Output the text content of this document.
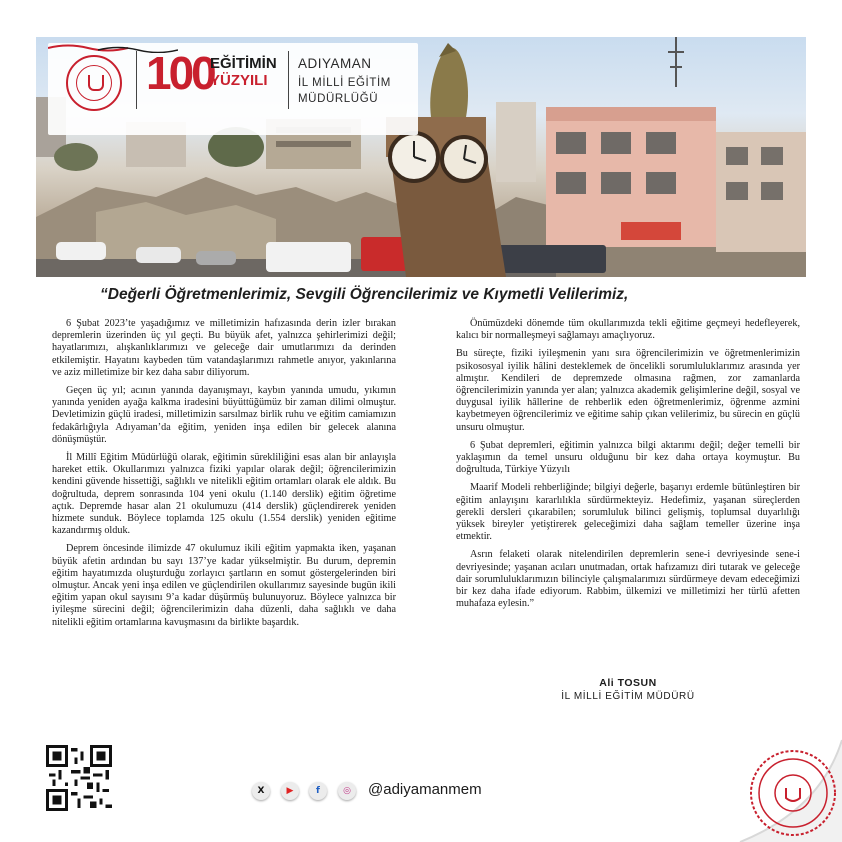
100
EĞİTİMİN
YÜZYILI
ADIYAMAN
İL MİLLİ EĞİTİM
MÜDÜRLÜĞÜ
“Değerli Öğretmenlerimiz, Sevgili Öğrencilerimiz ve Kıymetli Velilerimiz,

6 Şubat 2023’te yaşadığımız ve milletimizin hafızasında derin izler bırakan depremlerin üzerinden üç yıl geçti. Bu büyük afet, yalnızca şehirlerimizi değil; hayatlarımızı, alışkanlıklarımızı ve geleceğe dair umutlarımızı da derinden etkilemiştir. Hayatını kaybeden tüm vatandaşlarımızı rahmetle anıyor, yakınlarına ve aziz milletimize bir kez daha sabır diliyorum.

Geçen üç yıl; acının yanında dayanışmayı, kaybın yanında umudu, yıkımın yanında yeniden ayağa kalkma iradesini büyüttüğümüz bir zaman dilimi olmuştur. Devletimizin güçlü iradesi, milletimizin sarsılmaz birlik ruhu ve eğitim camiamızın fedakârlığıyla Adıyaman’da eğitim, yeniden inşa edilen bir gelecek alanına dönüşmüştür.

İl Millî Eğitim Müdürlüğü olarak, eğitimin sürekliliğini esas alan bir anlayışla hareket ettik. Okullarımızı yalnızca fiziki yapılar olarak değil; öğrencilerimizin kendini güvende hissettiği, sağlıklı ve nitelikli eğitim ortamları olarak ele aldık. Bu doğrultuda, deprem sonrasında 104 yeni okulu (1.140 derslik) eğitim öğretime açtık. Depremde hasar alan 21 okulumuzu (414 derslik) güçlendirerek yeniden hizmete sunduk. Böylece toplamda 125 okulu (1.554 derslik) yeniden eğitime kazandırmış olduk.

Deprem öncesinde ilimizde 47 okulumuz ikili eğitim yapmakta iken, yaşanan büyük afetin ardından bu sayı 137’ye kadar yükselmiştir. Bu durum, depremin eğitim hayatımızda oluşturduğu zorlayıcı şartların en somut göstergelerinden biri olmuştur. Ancak yeni inşa edilen ve güçlendirilen okullarımız sayesinde bugün ikili eğitim yapan okul sayısını 9’a kadar düşürmüş bulunuyoruz. Böylece yalnızca bir iyileşme sürecini değil; öğrencilerimizin daha düzenli, daha sağlıklı ve daha nitelikli eğitim ortamlarına kavuşmasını da birlikte başardık.

Önümüzdeki dönemde tüm okullarımızda tekli eğitime geçmeyi hedefleyerek, kalıcı bir normalleşmeyi sağlamayı amaçlıyoruz.

Bu süreçte, fiziki iyileşmenin yanı sıra öğrencilerimizin ve öğretmenlerimizin psikososyal iyilik hâlini desteklemek de öncelikli sorumluluklarımız arasında yer almıştır. Kendileri de depremzede olmasına rağmen, zor zamanlarda öğrencilerimizin yanında yer alan; yalnızca akademik gelişimlerine değil, sosyal ve duygusal iyilik hâllerine de rehberlik eden öğretmenlerimiz, öğrenme azmini kaybetmeyen öğrencilerimiz ve eğitime sahip çıkan velilerimiz, bu sürecin en güçlü unsuru olmuştur.

6 Şubat depremleri, eğitimin yalnızca bilgi aktarımı değil; değer temelli bir yaklaşımın da temel unsuru olduğunu bir kez daha ortaya koymuştur. Bu doğrultuda, Türkiye Yüzyılı

Maarif Modeli rehberliğinde; bilgiyi değerle, başarıyı erdemle bütünleştiren bir eğitim anlayışını kararlılıkla sürdürmekteyiz. Hedefimiz, yaşanan süreçlerden gerekli dersleri çıkarabilen; sorumluluk bilinci gelişmiş, toplumsal duyarlılığı yüksek bireyler yetiştirerek geleceğimizi daha sağlam temeller üzerine inşa etmektir.

Asrın felaketi olarak nitelendirilen depremlerin sene-i devriyesinde sene-i devriyesinde; yaşanan acıları unutmadan, ortak hafızamızı diri tutarak ve geleceğe dair sorumluluklarımızın bilinciyle çalışmalarımızı sürdürmeye devam edeceğimizi bir kez daha ifade ediyorum. Rabbim, ülkemizi ve milletimizi her türlü afetten muhafaza eylesin.”

Ali TOSUN
İL MİLLİ EĞİTİM MÜDÜRÜ
X	▶	f	◎	@adiyamanmem
